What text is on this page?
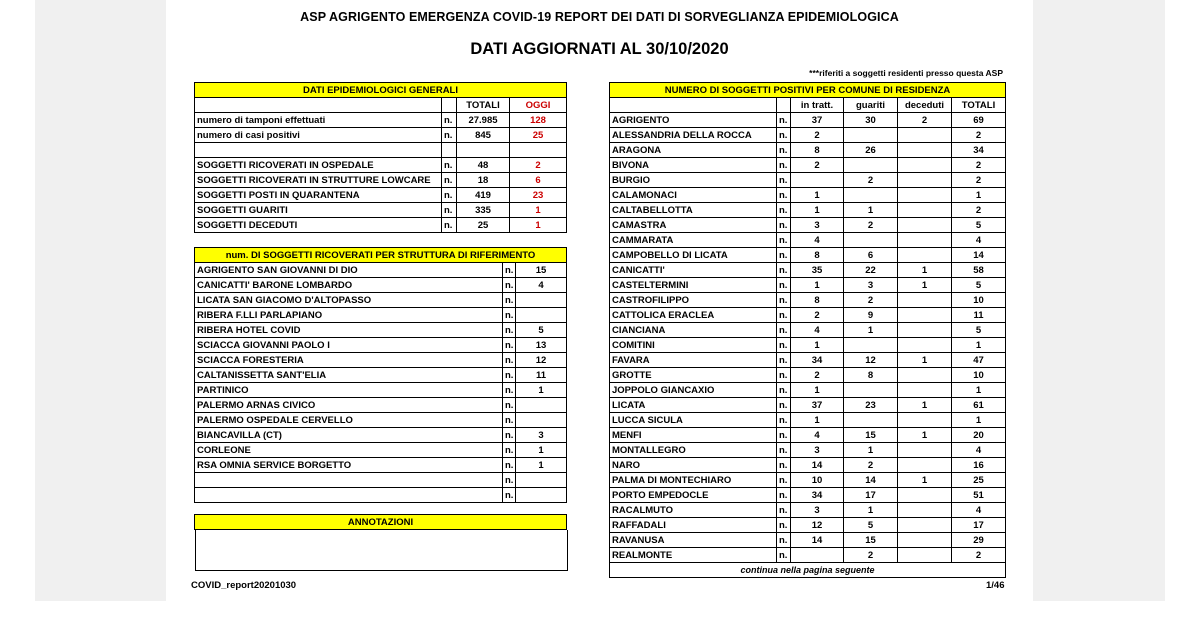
ASP AGRIGENTO EMERGENZA COVID-19 REPORT DEI DATI DI SORVEGLIANZA EPIDEMIOLOGICA
DATI AGGIORNATI AL 30/10/2020
***riferiti a soggetti residenti presso questa ASP
DATI EPIDEMIOLOGICI GENERALI			
		TOTALI	OGGI
numero di tamponi effettuati	n.	27.985	128
numero di casi positivi	n.	845	25

SOGGETTI RICOVERATI IN OSPEDALE	n.	48	2
SOGGETTI RICOVERATI IN STRUTTURE LOWCARE	n.	18	6
SOGGETTI POSTI IN QUARANTENA	n.	419	23
SOGGETTI GUARITI	n.	335	1
SOGGETTI DECEDUTI	n.	25	1
num. DI SOGGETTI RICOVERATI PER STRUTTURA DI RIFERIMENTO		
AGRIGENTO SAN GIOVANNI DI DIO	n.	15
CANICATTI' BARONE LOMBARDO	n.	4
LICATA SAN GIACOMO D'ALTOPASSO	n.	
RIBERA F.LLI PARLAPIANO	n.	
RIBERA HOTEL COVID	n.	5
SCIACCA GIOVANNI PAOLO I	n.	13
SCIACCA FORESTERIA	n.	12
CALTANISSETTA SANT'ELIA	n.	11
PARTINICO	n.	1
PALERMO ARNAS CIVICO	n.	
PALERMO OSPEDALE CERVELLO	n.	
BIANCAVILLA (CT)	n.	3
CORLEONE	n.	1
RSA OMNIA SERVICE BORGETTO	n.	1
	n.	
	n.	
ANNOTAZIONI
NUMERO DI SOGGETTI POSITIVI PER COMUNE DI RESIDENZA					
		in tratt.	guariti	deceduti	TOTALI
AGRIGENTO	n.	37	30	2	69
ALESSANDRIA DELLA ROCCA	n.	2			2
ARAGONA	n.	8	26		34
BIVONA	n.	2			2
BURGIO	n.		2		2
CALAMONACI	n.	1			1
CALTABELLOTTA	n.	1	1		2
CAMASTRA	n.	3	2		5
CAMMARATA	n.	4			4
CAMPOBELLO DI LICATA	n.	8	6		14
CANICATTI'	n.	35	22	1	58
CASTELTERMINI	n.	1	3	1	5
CASTROFILIPPO	n.	8	2		10
CATTOLICA ERACLEA	n.	2	9		11
CIANCIANA	n.	4	1		5
COMITINI	n.	1			1
FAVARA	n.	34	12	1	47
GROTTE	n.	2	8		10
JOPPOLO GIANCAXIO	n.	1			1
LICATA	n.	37	23	1	61
LUCCA SICULA	n.	1			1
MENFI	n.	4	15	1	20
MONTALLEGRO	n.	3	1		4
NARO	n.	14	2		16
PALMA DI MONTECHIARO	n.	10	14	1	25
PORTO EMPEDOCLE	n.	34	17		51
RACALMUTO	n.	3	1		4
RAFFADALI	n.	12	5		17
RAVANUSA	n.	14	15		29
REALMONTE	n.		2		2
continua nella pagina seguente					
COVID_report20201030	1/46
